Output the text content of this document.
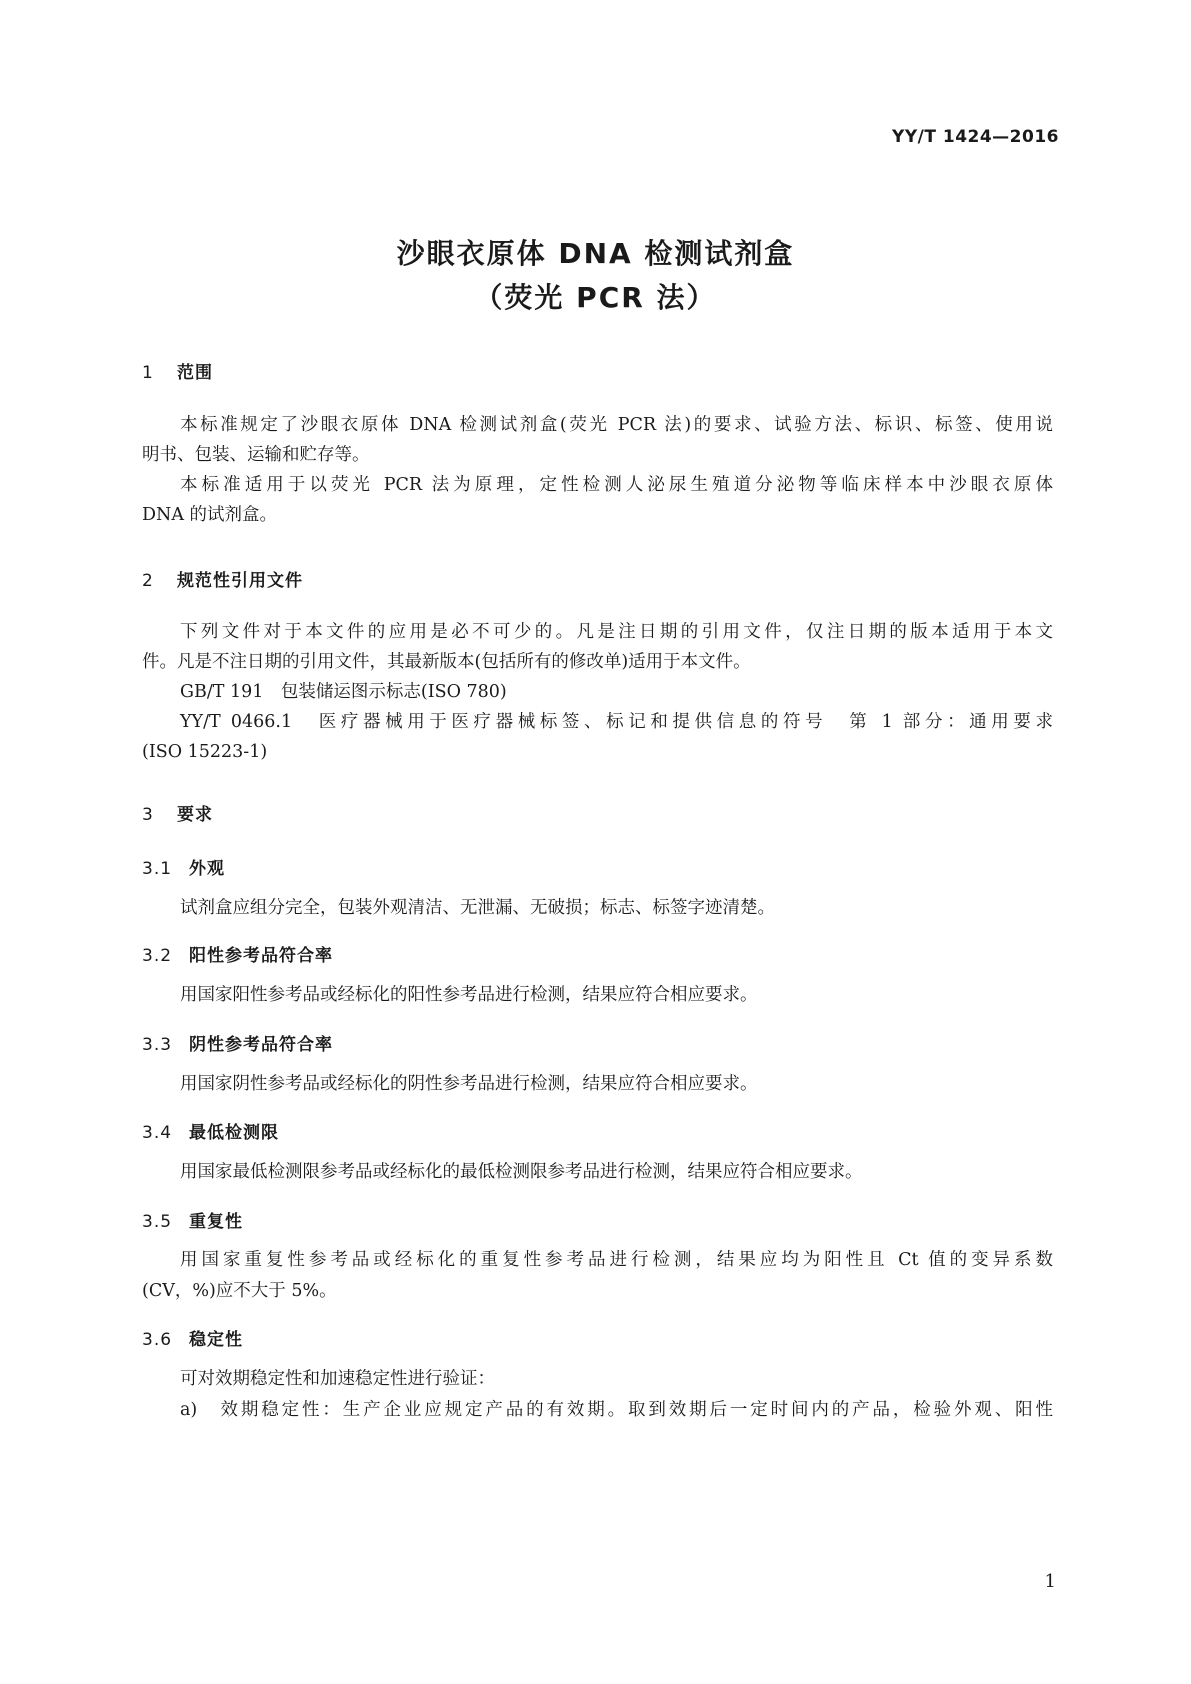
YY/T 1424—2016
沙眼衣原体 DNA 检测试剂盒
（荧光 PCR 法）
1 范围
本标准规定了沙眼衣原体 DNA 检测试剂盒(荧光 PCR 法)的要求、试验方法、标识、标签、使用说
明书、包装、运输和贮存等。
本标准适用于以荧光 PCR 法为原理，定性检测人泌尿生殖道分泌物等临床样本中沙眼衣原体
DNA 的试剂盒。
2 规范性引用文件
下列文件对于本文件的应用是必不可少的。凡是注日期的引用文件，仅注日期的版本适用于本文
件。凡是不注日期的引用文件，其最新版本(包括所有的修改单)适用于本文件。
GB/T 191　包装储运图示标志(ISO 780)
YY/T 0466.1　医疗器械用于医疗器械标签、标记和提供信息的符号　第 1 部分：通用要求
(ISO 15223-1)
3 要求
3.1 外观
试剂盒应组分完全，包装外观清洁、无泄漏、无破损；标志、标签字迹清楚。
3.2 阳性参考品符合率
用国家阳性参考品或经标化的阳性参考品进行检测，结果应符合相应要求。
3.3 阴性参考品符合率
用国家阴性参考品或经标化的阴性参考品进行检测，结果应符合相应要求。
3.4 最低检测限
用国家最低检测限参考品或经标化的最低检测限参考品进行检测，结果应符合相应要求。
3.5 重复性
用国家重复性参考品或经标化的重复性参考品进行检测，结果应均为阳性且 Ct 值的变异系数
(CV，%)应不大于 5%。
3.6 稳定性
可对效期稳定性和加速稳定性进行验证：
a)　效期稳定性：生产企业应规定产品的有效期。取到效期后一定时间内的产品，检验外观、阳性
1
